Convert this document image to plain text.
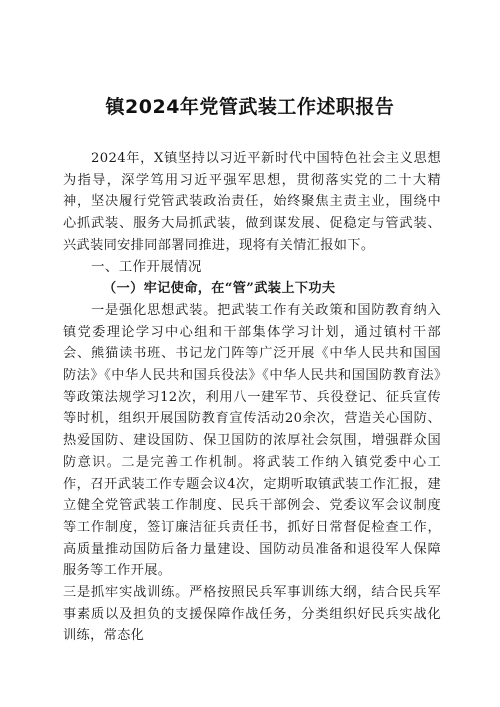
镇2024年党管武装工作述职报告

2024年，X镇坚持以习近平新时代中国特色社会主义思想为指导，深学笃用习近平强军思想，贯彻落实党的二十大精神，坚决履行党管武装政治责任，始终聚焦主责主业，围绕中心抓武装、服务大局抓武装，做到谋发展、促稳定与管武装、兴武装同安排同部署同推进，现将有关情汇报如下。

一、工作开展情况

（一）牢记使命，在“管”武装上下功夫

一是强化思想武装。把武装工作有关政策和国防教育纳入镇党委理论学习中心组和干部集体学习计划，通过镇村干部会、熊猫读书班、书记龙门阵等广泛开展《中华人民共和国国防法》《中华人民共和国兵役法》《中华人民共和国国防教育法》等政策法规学习12次，利用八一建军节、兵役登记、征兵宣传等时机，组织开展国防教育宣传活动20余次，营造关心国防、热爱国防、建设国防、保卫国防的浓厚社会氛围，增强群众国防意识。二是完善工作机制。将武装工作纳入镇党委中心工作，召开武装工作专题会议4次，定期听取镇武装工作汇报，建立健全党管武装工作制度、民兵干部例会、党委议军会议制度等工作制度，签订廉洁征兵责任书，抓好日常督促检查工作，高质量推动国防后备力量建设、国防动员准备和退役军人保障服务等工作开展。

三是抓牢实战训练。严格按照民兵军事训练大纲，结合民兵军事素质以及担负的支援保障作战任务，分类组织好民兵实战化训练，常态化
